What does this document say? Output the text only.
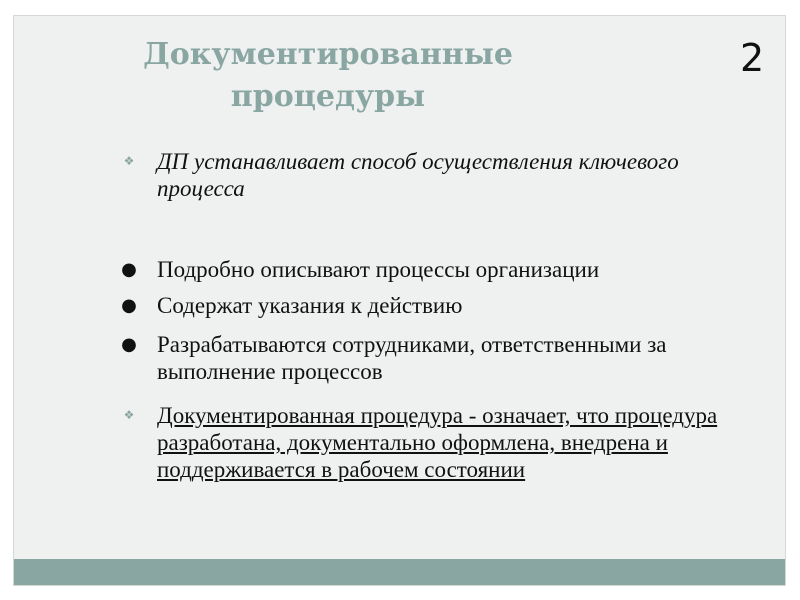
Документированные процедуры
2
❖ ДП устанавливает способ осуществления ключевого процесса
● Подробно описывают процессы организации
● Содержат указания к действию
● Разрабатываются сотрудниками, ответственными за выполнение процессов
❖ Документированная процедура - означает, что процедура разработана, документально оформлена, внедрена и поддерживается в рабочем состоянии
